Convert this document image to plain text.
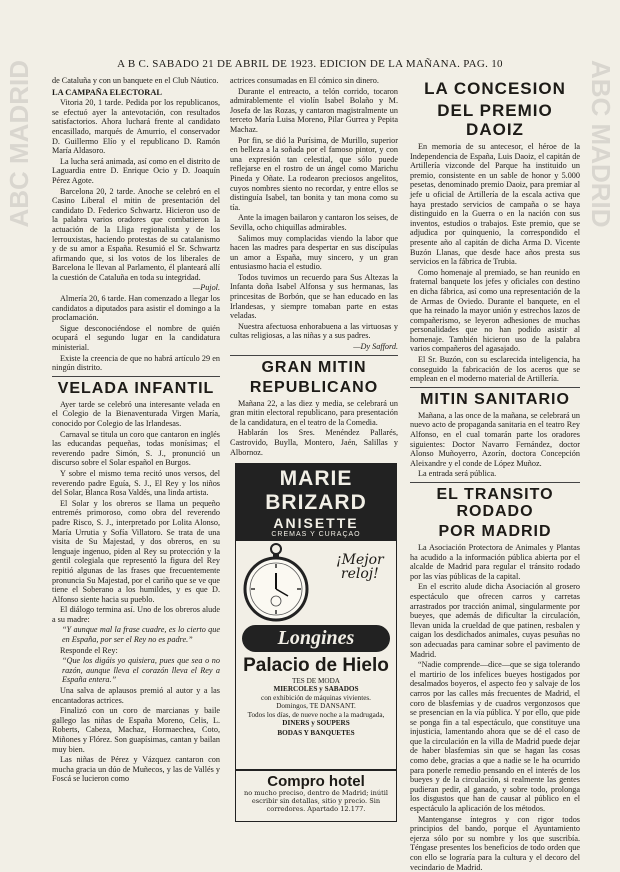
ABC MADRID	ABC MADRID
A B C. SABADO 21 DE ABRIL DE 1923. EDICION DE LA MAÑANA. PAG. 10

de Cataluña y con un banquete en el Club Náutico.

LA CAMPAÑA ELECTORAL

Vitoria 20, 1 tarde. Pedida por los republicanos, se efectuó ayer la antevotación, con resultados satisfactorios. Ahora luchará frente al candidato encasillado, marqués de Amurrio, el conservador D. Guillermo Elío y el republicano D. Ramón María Aldasoro.

La lucha será animada, así como en el distrito de Laguardia entre D. Enrique Ocio y D. Joaquín Pérez Agote.

Barcelona 20, 2 tarde. Anoche se celebró en el Casino Liberal el mitin de presentación del candidato D. Federico Schwartz. Hicieron uso de la palabra varios oradores que combatieron la actuación de la Lliga regionalista y de los lerrouxistas, haciendo protestas de su catalanismo y de su amor a España. Resumió el Sr. Schwartz afirmando que, si los votos de los liberales de Barcelona le llevan al Parlamento, él planteará allí la cuestión de Cataluña en toda su integridad.

—Pujol.

Almería 20, 6 tarde. Han comenzado a llegar los candidatos a diputados para asistir el domingo a la proclamación.

Sigue desconociéndose el nombre de quién ocupará el segundo lugar en la candidatura ministerial.

Existe la creencia de que no habrá artículo 29 en ningún distrito.

VELADA INFANTIL

Ayer tarde se celebró una interesante velada en el Colegio de la Bienaventurada Virgen María, conocido por Colegio de las Irlandesas.

Carnaval se titula un coro que cantaron en inglés las educandas pequeñas, todas monísimas; el reverendo padre Simón, S. J., pronunció un discurso sobre el Solar español en Burgos.

Y sobre el mismo tema recitó unos versos, del reverendo padre Eguía, S. J., El Rey y los niños del Solar, Blanca Rosa Valdés, una linda artista.

El Solar y los obreros se llama un pequeño entremés primoroso, como obra del reverendo padre Risco, S. J., interpretado por Lolita Alonso, María Urrutia y Sofía Villatoro. Se trata de una visita de Su Majestad, y dos obreros, en su lenguaje ingenuo, piden al Rey su protección y la gentil colegiala que representó la figura del Rey repitió algunas de las frases que frecuentemente pronuncia Su Majestad, por el cariño que se ve que tiene el Soberano a los humildes, y es que D. Alfonso siente hacia su pueblo.

El diálogo termina así. Uno de los obreros alude a su madre:

“Y aunque mal la frase cuadre, es lo cierto que en España, por ser el Rey no es padre.”

Responde el Rey:

“Que los digáis yo quisiera, pues que sea o no razón, aunque lleva el corazón lleva el Rey a España entera.”

Una salva de aplausos premió al autor y a las encantadoras actrices.

Finalizó con un coro de marcianas y baile gallego las niñas de España Moreno, Celis, L. Roberts, Cabeza, Machaz, Hormaechea, Coto, Miñones y Flórez. Son guapísimas, cantan y bailan muy bien.

Las niñas de Pérez y Vázquez cantaron con mucha gracia un dúo de Muñecos, y las de Vallés y Foscá se lucieron como

actrices consumadas en El cómico sin dinero.

Durante el entreacto, a telón corrido, tocaron admirablemente el violín Isabel Bolaño y M. Josefa de las Rozas, y cantaron magistralmente un terceto María Luisa Moreno, Pilar Gurrea y Pepita Machaz.

Por fin, se dió la Purísima, de Murillo, superior en belleza a la soñada por el famoso pintor, y con una expresión tan celestial, que sólo puede reflejarse en el rostro de un ángel como Marichu Pineda y Oñate. La rodearon preciosos angelitos, cuyos nombres siento no recordar, y entre ellos se distinguía Isabel, tan bonita y tan mona como su tía.

Ante la imagen bailaron y cantaron los seises, de Sevilla, ocho chiquillas admirables.

Salimos muy complacidas viendo la labor que hacen las madres para despertar en sus discípulas un amor a España, muy sincero, y un gran entusiasmo hacia el estudio.

Todos tuvimos un recuerdo para Sus Altezas la Infanta doña Isabel Alfonsa y sus hermanas, las princesitas de Borbón, que se han educado en las Irlandesas, y siempre tomaban parte en estas veladas.

Nuestra afectuosa enhorabuena a las virtuosas y cultas religiosas, a las niñas y a sus padres.

—Dy Safford.

GRAN MITIN
REPUBLICANO

Mañana 22, a las diez y media, se celebrará un gran mitin electoral republicano, para presentación de la candidatura, en el teatro de la Comedia.

Hablarán los Sres. Menéndez Pallarés, Castrovido, Buylla, Montero, Jaén, Salillas y Albornoz.

MARIE BRIZARD
ANISETTE
CREMAS Y CURAÇAO
¡Mejor
reloj!
Longines
Palacio de Hielo
TES DE MODA
MIERCOLES y SABADOS
con exhibición de máquinas vivientes.
Domingos, TE DANSANT.
Todos los días, de nueve noche a la madrugada,
DINERS y SOUPERS
BODAS Y BANQUETES
Compro hotel
no mucho preciso, dentro de Madrid; inútil escribir sin detallas, sitio y precio. Sin corredores. Apartado 12.177.
LA CONCESION
DEL PREMIO DAOIZ

En memoria de su antecesor, el héroe de la Independencia de España, Luis Daoiz, el capitán de Artillería vizconde del Parque ha instituido un premio, consistente en un sable de honor y 5.000 pesetas, denominado premio Daoiz, para premiar al jefe u oficial de Artillería de la escala activa que haya prestado servicios de campaña o se haya distinguido en la Guerra o en la nación con sus inventos, estudios o trabajos. Este premio, que se adjudica por quinquenio, la correspondido el presente año al capitán de dicha Arma D. Vicente Buzón Llanas, que desde hace años presta sus servicios en la fábrica de Trubia.

Como homenaje al premiado, se han reunido en fraternal banquete los jefes y oficiales con destino en dicha fábrica, así como una representación de la de Armas de Oviedo. Durante el banquete, en el que ha reinado la mayor unión y estrechos lazos de compañerismo, se leyeron adhesiones de muchas personalidades que no han podido asistir al homenaje. También hicieron uso de la palabra varios compañeros del agasajado.

El Sr. Buzón, con su esclarecida inteligencia, ha conseguido la fabricación de los aceros que se emplean en el moderno material de Artillería.

MITIN SANITARIO

Mañana, a las once de la mañana, se celebrará un nuevo acto de propaganda sanitaria en el teatro Rey Alfonso, en el cual tomarán parte los oradores siguientes: Doctor Navarro Fernández, doctor Alonso Muñoyerro, Azorín, doctora Concepción Aleixandre y el conde de López Muñoz.

La entrada será pública.

EL TRANSITO RODADO
POR MADRID

La Asociación Protectora de Animales y Plantas ha acudido a la información pública abierta por el alcalde de Madrid para regular el tránsito rodado por las vías públicas de la capital.

En el escrito alude dicha Asociación al grosero espectáculo que ofrecen carros y carretas arrastrados por tracción animal, singularmente por bueyes, que además de dificultar la circulación, llevan unida la crueldad de que patinen, resbalen y caigan los desdichados animales, cuyas pesuñas no son adecuadas para caminar sobre el pavimento de Madrid.

“Nadie comprende—dice—que se siga tolerando el martirio de los infelices bueyes hostigados por desalmados boyeros, el aspecto feo y salvaje de los carros por las calles más frecuentes de Madrid, el coro de blasfemias y de cuadros vergonzosos que se presencian en la vía pública. Y por ello, que pide se ponga fin a tal espectáculo, que constituye una injusticia, lamentando ahora que se dé el caso de que la circulación en la villa de Madrid puede dejar de haber blasfemias sin que se hagan las cosas como debe, gracias a que a nadie se le ha ocurrido para ponerle remedio pensando en el interés de los bueyes y de la circulación, si realmente las gentes pudieran pedir, al ganado, y sobre todo, prolonga los disgustos que han de causar al público en el espectáculo la aplicación de los métodos.

Mantenganse íntegros y con rigor todos principios del bando, porque el Ayuntamiento ejerza sólo por su nombre y los que suscribía. Téngase presentes los beneficios de todo orden que con ello se lograría para la cultura y el decoro del vecindario de Madrid.
